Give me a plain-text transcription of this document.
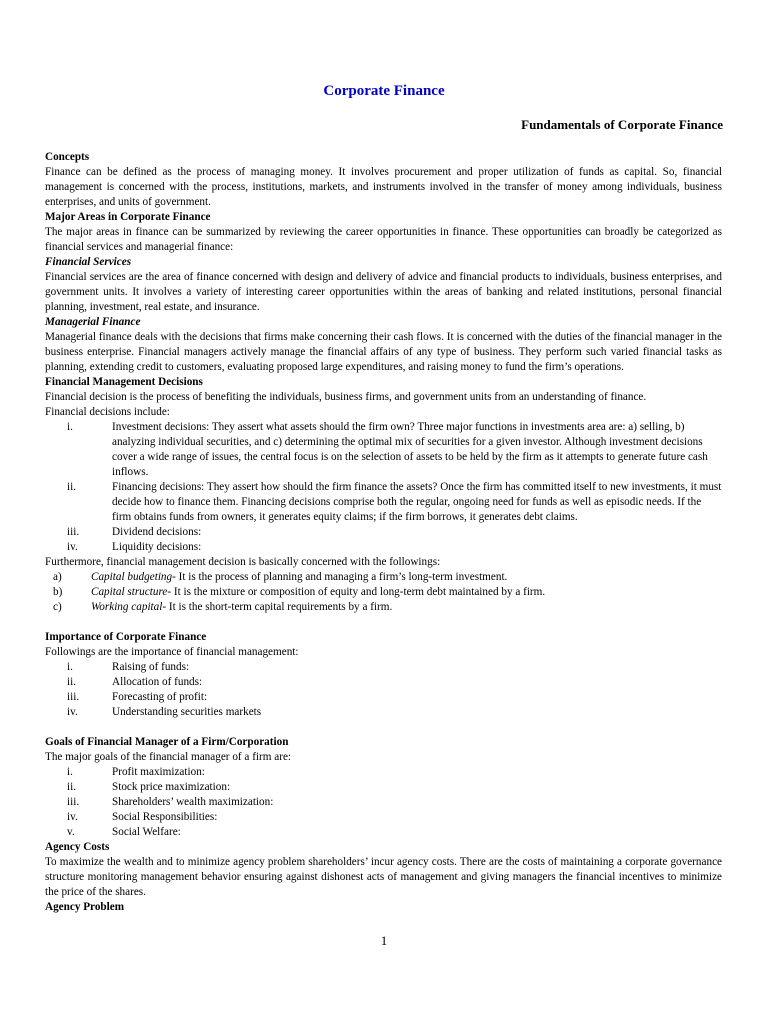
Corporate Finance
Fundamentals of Corporate Finance

Concepts

Finance can be defined as the process of managing money. It involves procurement and proper utilization of funds as capital. So, financial management is concerned with the process, institutions, markets, and instruments involved in the transfer of money among individuals, business enterprises, and units of government.

Major Areas in Corporate Finance

The major areas in finance can be summarized by reviewing the career opportunities in finance. These opportunities can broadly be categorized as financial services and managerial finance:

Financial Services

Financial services are the area of finance concerned with design and delivery of advice and financial products to individuals, business enterprises, and government units. It involves a variety of interesting career opportunities within the areas of banking and related institutions, personal financial planning, investment, real estate, and insurance.

Managerial Finance

Managerial finance deals with the decisions that firms make concerning their cash flows. It is concerned with the duties of the financial manager in the business enterprise. Financial managers actively manage the financial affairs of any type of business. They perform such varied financial tasks as planning, extending credit to customers, evaluating proposed large expenditures, and raising money to fund the firm’s operations.

Financial Management Decisions

Financial decision is the process of benefiting the individuals, business firms, and government units from an understanding of finance.

Financial decisions include:

i.	Investment decisions: They assert what assets should the firm own? Three major functions in investments area are: a) selling, b) analyzing individual securities, and c) determining the optimal mix of securities for a given investor. Although investment decisions cover a wide range of issues, the central focus is on the selection of assets to be held by the firm as it attempts to generate future cash inflows.
ii.	Financing decisions: They assert how should the firm finance the assets? Once the firm has committed itself to new investments, it must decide how to finance them. Financing decisions comprise both the regular, ongoing need for funds as well as episodic needs. If the firm obtains funds from owners, it generates equity claims; if the firm borrows, it generates debt claims.
iii.	Dividend decisions:
iv.	Liquidity decisions:

Furthermore, financial management decision is basically concerned with the followings:

a)	Capital budgeting- It is the process of planning and managing a firm’s long-term investment.
b)	Capital structure- It is the mixture or composition of equity and long-term debt maintained by a firm.
c)	Working capital- It is the short-term capital requirements by a firm.

Importance of Corporate Finance

Followings are the importance of financial management:

i.	Raising of funds:
ii.	Allocation of funds:
iii.	Forecasting of profit:
iv.	Understanding securities markets

Goals of Financial Manager of a Firm/Corporation

The major goals of the financial manager of a firm are:

i.	Profit maximization:
ii.	Stock price maximization:
iii.	Shareholders’ wealth maximization:
iv.	Social Responsibilities:
v.	Social Welfare:

Agency Costs

To maximize the wealth and to minimize agency problem shareholders’ incur agency costs. There are the costs of maintaining a corporate governance structure monitoring management behavior ensuring against dishonest acts of management and giving managers the financial incentives to minimize the price of the shares.

Agency Problem

1
